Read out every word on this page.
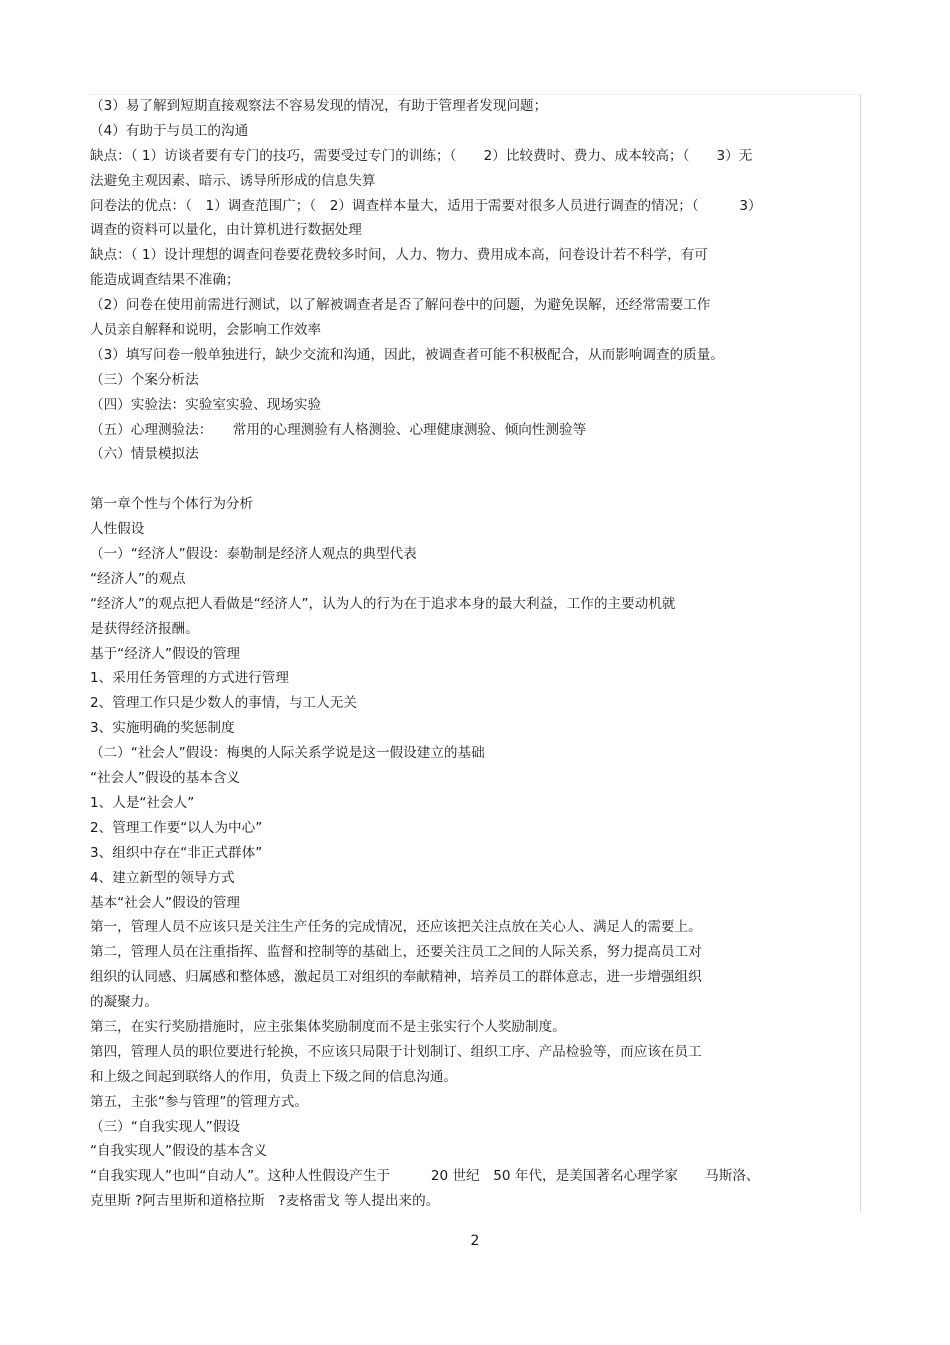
（3）易了解到短期直接观察法不容易发现的情况，有助于管理者发现问题；
（4）有助于与员工的沟通
缺点：（ 1）访谈者要有专门的技巧，需要受过专门的训练；（　　2）比较费时、费力、成本较高；（　　3）无
法避免主观因素、暗示、诱导所形成的信息失算
问卷法的优点：（　1）调查范围广；（　2）调查样本量大，适用于需要对很多人员进行调查的情况；（　　　3）
调查的资料可以量化，由计算机进行数据处理
缺点：（ 1）设计理想的调查问卷要花费较多时间，人力、物力、费用成本高，问卷设计若不科学，有可
能造成调查结果不准确；
（2）问卷在使用前需进行测试，以了解被调查者是否了解问卷中的问题，为避免误解，还经常需要工作
人员亲自解释和说明，会影响工作效率
（3）填写问卷一般单独进行，缺少交流和沟通，因此，被调查者可能不积极配合，从而影响调查的质量。
（三）个案分析法
（四）实验法：实验室实验、现场实验
（五）心理测验法：　　常用的心理测验有人格测验、心理健康测验、倾向性测验等
（六）情景模拟法
第一章个性与个体行为分析
人性假设
（一）“经济人”假设：泰勒制是经济人观点的典型代表
“经济人”的观点
“经济人”的观点把人看做是“经济人”，认为人的行为在于追求本身的最大利益，工作的主要动机就
是获得经济报酬。
基于“经济人”假设的管理
1、采用任务管理的方式进行管理
2、管理工作只是少数人的事情，与工人无关
3、实施明确的奖惩制度
（二）“社会人”假设：梅奥的人际关系学说是这一假设建立的基础
“社会人”假设的基本含义
1、人是“社会人”
2、管理工作要“以人为中心”
3、组织中存在“非正式群体”
4、建立新型的领导方式
基本“社会人”假设的管理
第一，管理人员不应该只是关注生产任务的完成情况，还应该把关注点放在关心人、满足人的需要上。
第二，管理人员在注重指挥、监督和控制等的基础上，还要关注员工之间的人际关系，努力提高员工对
组织的认同感、归属感和整体感，激起员工对组织的奉献精神，培养员工的群体意志，进一步增强组织
的凝聚力。
第三，在实行奖励措施时，应主张集体奖励制度而不是主张实行个人奖励制度。
第四，管理人员的职位要进行轮换，不应该只局限于计划制订、组织工序、产品检验等，而应该在员工
和上级之间起到联络人的作用，负责上下级之间的信息沟通。
第五，主张“参与管理”的管理方式。
（三）“自我实现人”假设
“自我实现人”假设的基本含义
“自我实现人”也叫“自动人”。这种人性假设产生于　　　20 世纪　50 年代，是美国著名心理学家　　马斯洛、
克里斯 ?阿吉里斯和道格拉斯　?麦格雷戈 等人提出来的。
2
